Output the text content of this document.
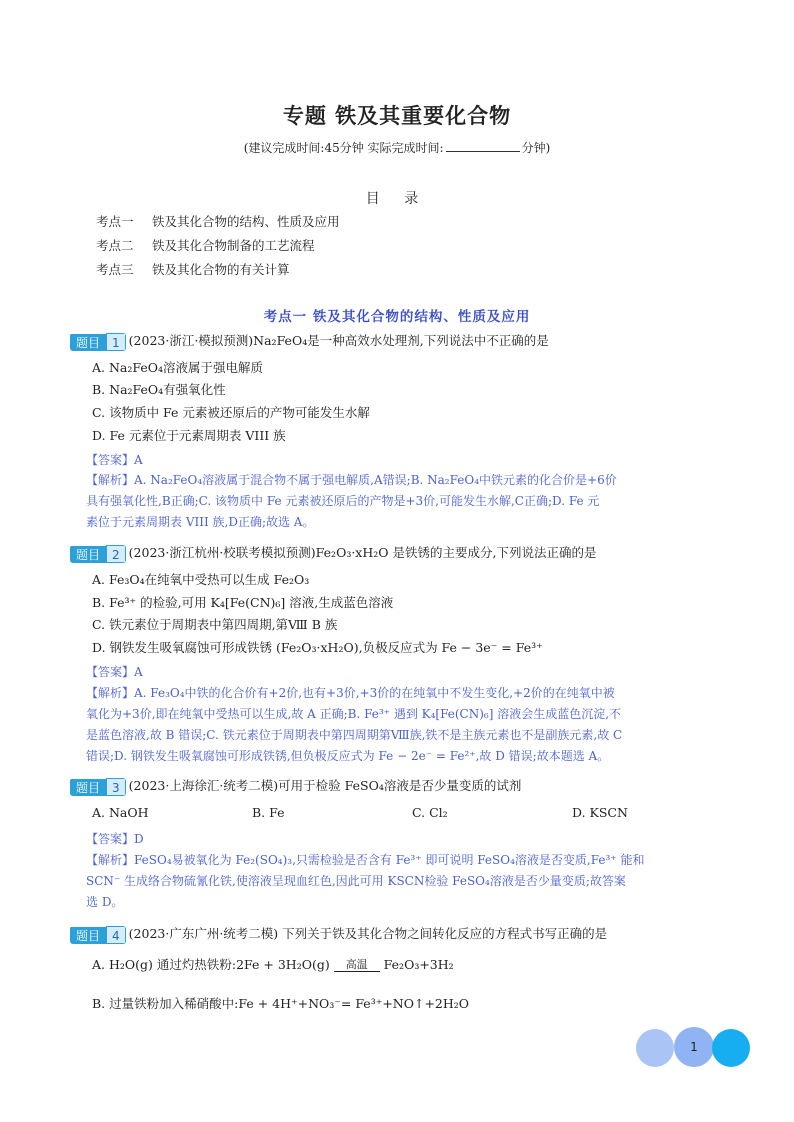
专题 铁及其重要化合物
(建议完成时间:45分钟 实际完成时间:	分钟)
目 录
考点一 铁及其化合物的结构、性质及应用
考点二 铁及其化合物制备的工艺流程
考点三 铁及其化合物的有关计算
考点一 铁及其化合物的结构、性质及应用
题目 1 (2023·浙江·模拟预测)Na₂FeO₄是一种高效水处理剂,下列说法中不正确的是
A. Na₂FeO₄溶液属于强电解质
B. Na₂FeO₄有强氧化性
C. 该物质中 Fe 元素被还原后的产物可能发生水解
D. Fe 元素位于元素周期表 VIII 族
【答案】A
【解析】A. Na₂FeO₄溶液属于混合物不属于强电解质,A错误;B. Na₂FeO₄中铁元素的化合价是+6价
具有强氧化性,B正确;C. 该物质中 Fe 元素被还原后的产物是+3价,可能发生水解,C正确;D. Fe 元
素位于元素周期表 VIII 族,D正确;故选 A。
题目 2 (2023·浙江杭州·校联考模拟预测)Fe₂O₃·xH₂O 是铁锈的主要成分,下列说法正确的是
A. Fe₃O₄在纯氧中受热可以生成 Fe₂O₃
B. Fe³⁺ 的检验,可用 K₄[Fe(CN)₆] 溶液,生成蓝色溶液
C. 铁元素位于周期表中第四周期,第Ⅷ B 族
D. 钢铁发生吸氧腐蚀可形成铁锈 (Fe₂O₃·xH₂O),负极反应式为 Fe − 3e⁻ = Fe³⁺
【答案】A
【解析】A. Fe₃O₄中铁的化合价有+2价,也有+3价,+3价的在纯氧中不发生变化,+2价的在纯氧中被
氧化为+3价,即在纯氧中受热可以生成,故 A 正确;B. Fe³⁺ 遇到 K₄[Fe(CN)₆] 溶液会生成蓝色沉淀,不
是蓝色溶液,故 B 错误;C. 铁元素位于周期表中第四周期第Ⅷ族,铁不是主族元素也不是副族元素,故 C
错误;D. 钢铁发生吸氧腐蚀可形成铁锈,但负极反应式为 Fe − 2e⁻ = Fe²⁺,故 D 错误;故本题选 A。
题目 3 (2023·上海徐汇·统考二模)可用于检验 FeSO₄溶液是否少量变质的试剂
A. NaOH	B. Fe	C. Cl₂	D. KSCN
【答案】D
【解析】FeSO₄易被氧化为 Fe₂(SO₄)₃,只需检验是否含有 Fe³⁺ 即可说明 FeSO₄溶液是否变质,Fe³⁺ 能和
SCN⁻ 生成络合物硫氰化铁,使溶液呈现血红色,因此可用 KSCN检验 FeSO₄溶液是否少量变质;故答案
选 D。
题目 4 (2023·广东广州·统考二模) 下列关于铁及其化合物之间转化反应的方程式书写正确的是
A. H₂O(g) 通过灼热铁粉:2Fe + 3H₂O(g)	高温	Fe₂O₃+3H₂
B. 过量铁粉加入稀硝酸中:Fe + 4H⁺+NO₃⁻= Fe³⁺+NO↑+2H₂O
1
